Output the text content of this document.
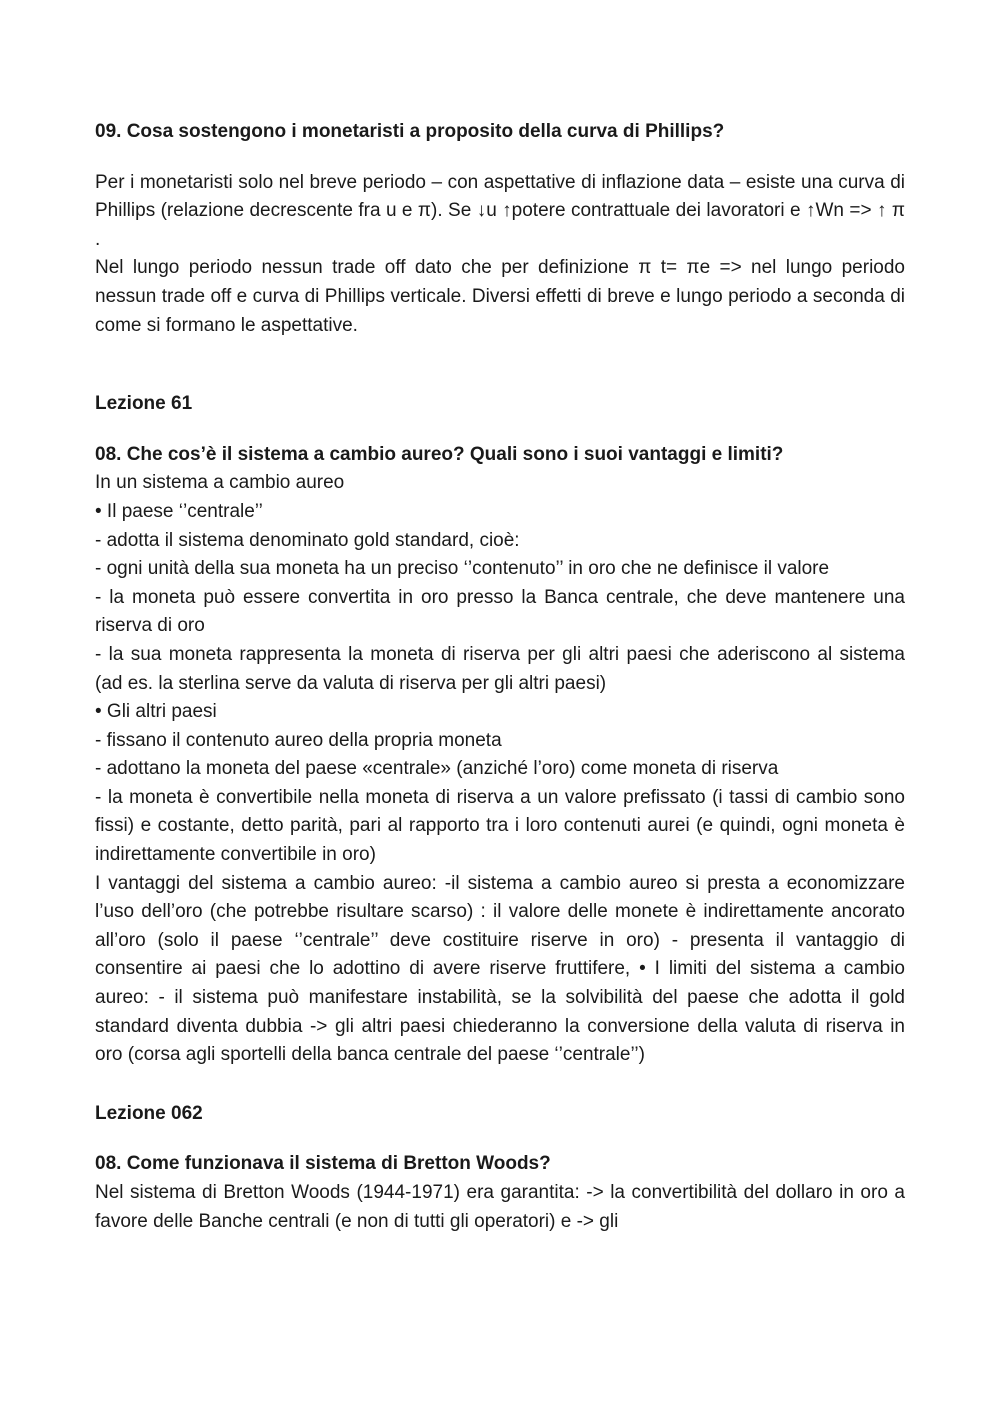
09. Cosa sostengono i monetaristi a proposito della curva di Phillips?

Per i monetaristi solo nel breve periodo – con aspettative di inflazione data – esiste una curva di Phillips (relazione decrescente fra u e π). Se ↓u ↑potere contrattuale dei lavoratori e ↑Wn => ↑ π .

Nel lungo periodo nessun trade off dato che per definizione π t= πe => nel lungo periodo nessun trade off e curva di Phillips verticale. Diversi effetti di breve e lungo periodo a seconda di come si formano le aspettative.

Lezione 61

08. Che cos’è il sistema a cambio aureo? Quali sono i suoi vantaggi e limiti?

In un sistema a cambio aureo

• Il paese ‘’centrale’’

- adotta il sistema denominato gold standard, cioè:

- ogni unità della sua moneta ha un preciso ‘’contenuto’’ in oro che ne definisce il valore

- la moneta può essere convertita in oro presso la Banca centrale, che deve mantenere una riserva di oro

- la sua moneta rappresenta la moneta di riserva per gli altri paesi che aderiscono al sistema (ad es. la sterlina serve da valuta di riserva per gli altri paesi)

• Gli altri paesi

- fissano il contenuto aureo della propria moneta

- adottano la moneta del paese «centrale» (anziché l’oro) come moneta di riserva

- la moneta è convertibile nella moneta di riserva a un valore prefissato (i tassi di cambio sono fissi) e costante, detto parità, pari al rapporto tra i loro contenuti aurei (e quindi, ogni moneta è indirettamente convertibile in oro)

I vantaggi del sistema a cambio aureo: -il sistema a cambio aureo si presta a economizzare l’uso dell’oro (che potrebbe risultare scarso) : il valore delle monete è indirettamente ancorato all’oro (solo il paese ‘’centrale’’ deve costituire riserve in oro) - presenta il vantaggio di consentire ai paesi che lo adottino di avere riserve fruttifere, • I limiti del sistema a cambio aureo: - il sistema può manifestare instabilità, se la solvibilità del paese che adotta il gold standard diventa dubbia -> gli altri paesi chiederanno la conversione della valuta di riserva in oro (corsa agli sportelli della banca centrale del paese ‘’centrale’’)

Lezione 062

08. Come funzionava il sistema di Bretton Woods?

Nel sistema di Bretton Woods (1944-1971) era garantita: -> la convertibilità del dollaro in oro a favore delle Banche centrali (e non di tutti gli operatori) e -> gli
